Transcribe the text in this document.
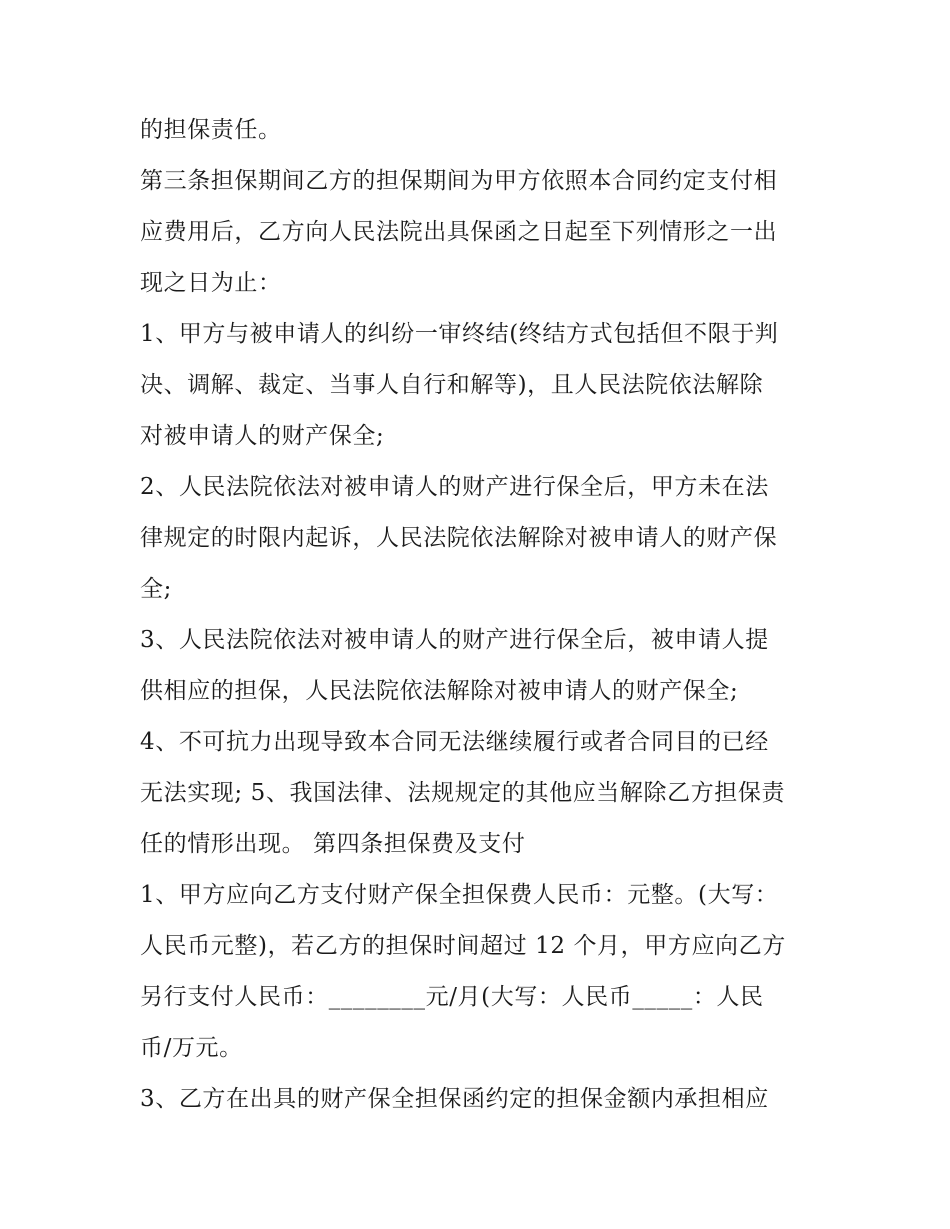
的担保责任。

第三条担保期间乙方的担保期间为甲方依照本合同约定支付相

应费用后，乙方向人民法院出具保函之日起至下列情形之一出

现之日为止：

1、甲方与被申请人的纠纷一审终结(终结方式包括但不限于判

决、调解、裁定、当事人自行和解等)，且人民法院依法解除

对被申请人的财产保全;

2、人民法院依法对被申请人的财产进行保全后，甲方未在法

律规定的时限内起诉，人民法院依法解除对被申请人的财产保

全;

3、人民法院依法对被申请人的财产进行保全后，被申请人提

供相应的担保，人民法院依法解除对被申请人的财产保全;

4、不可抗力出现导致本合同无法继续履行或者合同目的已经

无法实现; 5、我国法律、法规规定的其他应当解除乙方担保责

任的情形出现。 第四条担保费及支付

1、甲方应向乙方支付财产保全担保费人民币：元整。(大写：

人民币元整)，若乙方的担保时间超过 12 个月，甲方应向乙方

另行支付人民币：________元/月(大写：人民币_____：人民

币/万元。

3、乙方在出具的财产保全担保函约定的担保金额内承担相应
